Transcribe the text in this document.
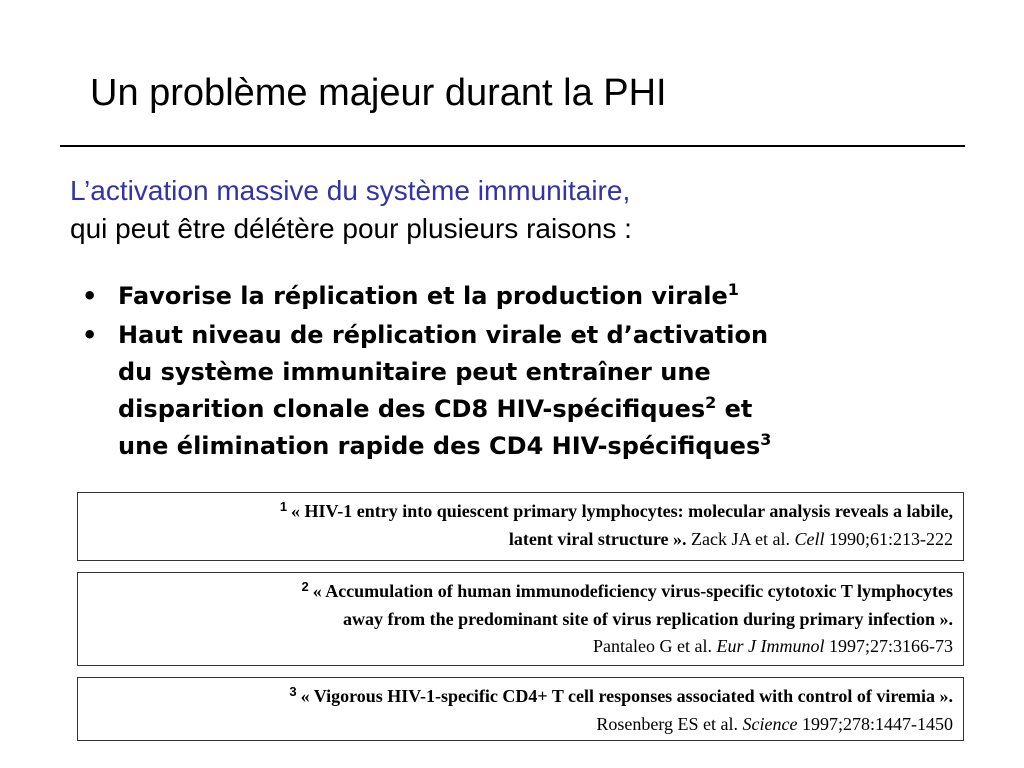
Un problème majeur durant la PHI
L’activation massive du système immunitaire,
qui peut être délétère pour plusieurs raisons :
• Favorise la réplication et la production virale$^1$
• Haut niveau de réplication virale et d’activation
du système immunitaire peut entraîner une
disparition clonale des CD8 HIV-spécifiques$^2$ et
une élimination rapide des CD4 HIV-spécifiques$^3$
$^1$ « HIV-1 entry into quiescent primary lymphocytes: molecular analysis reveals a labile,
latent viral structure ». Zack JA et al. Cell 1990;61:213-222
$^2$ « Accumulation of human immunodeficiency virus-specific cytotoxic T lymphocytes
away from the predominant site of virus replication during primary infection ».
Pantaleo G et al. Eur J Immunol 1997;27:3166-73
$^3$ « Vigorous HIV-1-specific CD4+ T cell responses associated with control of viremia ».
Rosenberg ES et al. Science 1997;278:1447-1450
